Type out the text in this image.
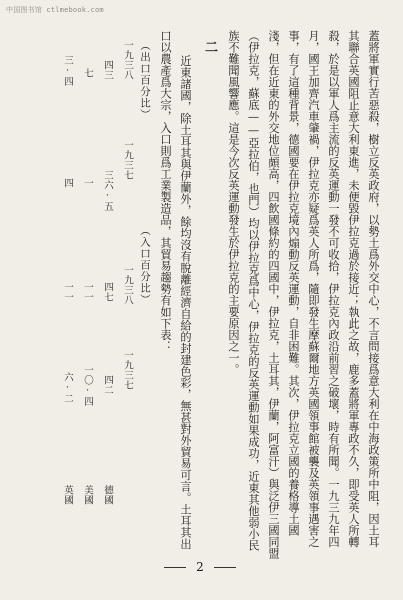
中国图书馆 ctlmebook.com
蓋將軍實行苦惡殺，樹立反英政府，以勢土爲外交中心，不言問接爲意大利在中海政策所中阻，因土耳
其聯合英國阻止意大利東進，未便毀伊拉克過於接近；執此之故，鹿多蓋將軍專政不久，即受英人所轉
殺，於是以軍人爲主流的反英運動一發不可收拾，伊拉克內政沿前習之破壞，時有所聞。一九三九年四
月，國王加齊汽車肇禍，伊拉克亦疑爲英人所爲，隨即發生摩蘇爾地方英國領事館被襲及英領事遇害之
事，有了這種背景，德國要在伊拉克境內煽動反英運動，自非困難。其次，伊拉克立國的養格導土國
淺，但在近東的外交地位頗高，四飲國條約的四國中，伊拉克，土耳其，伊蘭，阿富汗）與泛伊三國同盟
（伊拉克，蘇底——亞拉伯，也門）均以伊拉克爲中心，伊拉克的反英運動如果成功，近東其他弱小民
族不難聞風響應。這是今次反英運動發生於伊拉克的主要原因之一。
二
近東諸國，除土耳其與伊蘭外，餘均沒有脫離經濟自給的封建色彩，無甚對外貿易可言。土耳其出
口以農產爲大宗，入口則爲工業製造品，其貿易趨勢有如下表：
（入口百分比）
一九三七
一九三八
德國
四二
四七
美國
一〇·四
一一
英國
六·二
一一
（出口百分比）
一九三七
一九三八
三六·五
四三
一
七
四
三·四
2
